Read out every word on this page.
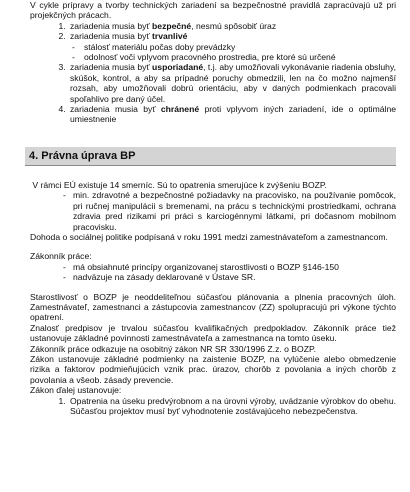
V cykle prípravy a tvorby technických zariadení sa bezpečnostné pravidlá zapracúvajú už pri projekčných prácach.

1. zariadenia musia byť bezpečné, nesmú spôsobiť úraz
2. zariadenia musia byť trvanlivé
- stálosť materiálu počas doby prevádzky
- odolnosť voči vplyvom pracovného prostredia, pre ktoré sú určené
3. zariadenia musia byť usporiadané, t.j. aby umožňovali vykonávanie riadenia obsluhy, skúšok, kontrol, a aby sa prípadné poruchy obmedzili, len na čo možno najmenší rozsah, aby umožňovali dobrú orientáciu, aby v daných podmienkach pracovali spoľahlivo pre daný účel.
4. zariadenia musia byť chránené proti vplyvom iných zariadení, ide o optimálne umiestnenie
4. Právna úprava BP

V rámci EÚ existuje 14 smerníc. Sú to opatrenia smerujúce k zvýšeniu BOZP.

- min. zdravotné a bezpečnostné požiadavky na pracovisko, na používanie pomôcok, pri ručnej manipulácii s bremenami, na prácu s technickými prostriedkami, ochrana zdravia pred rizikami pri práci s karciogénnymi látkami, pri dočasnom mobilnom pracovisku.

Dohoda o sociálnej politike podpísaná v roku 1991 medzi zamestnávateľom a zamestnancom.

Zákonník práce:

- má obsiahnuté princípy organizovanej starostlivosti o BOZP §146-150
- nadväzuje na zásady deklarované v Ústave SR.

Starostlivosť o BOZP je neoddeliteľnou súčasťou plánovania a plnenia pracovných úloh. Zamestnávateľ, zamestnanci a zástupcovia zamestnancov (ZZ) spolupracujú pri výkone týchto opatrení.

Znalosť predpisov je trvalou súčasťou kvalifikačných predpokladov. Zákonník práce tiež ustanovuje základné povinnosti zamestnávateľa a zamestnanca na tomto úseku.

Zákonník práce odkazuje na osobitný zákon NR SR 330/1996 Z.z. o BOZP.

Zákon ustanovuje základné podmienky na zaistenie BOZP, na vylúčenie alebo obmedzenie rizika a faktorov podmieňujúcich vznik prac. úrazov, chorôb z povolania a iných chorôb z povolania a všeob. zásady prevencie.

Zákon ďalej ustanovuje:

1. Opatrenia na úseku predvýrobnom a na úrovni výroby, uvádzanie výrobkov do obehu. Súčasťou projektov musí byť vyhodnotenie zostávajúceho nebezpečenstva.
